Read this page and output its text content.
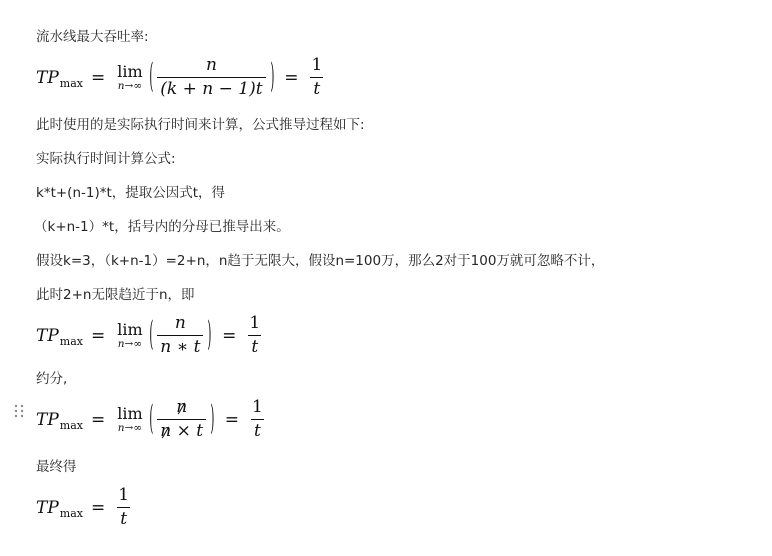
流水线最大吞吐率:
TP max = lim
n→∞ ( $\frac{n}{(k + n - 1)t}$ ) = $\frac{1}{t}$
此时使用的是实际执行时间来计算，公式推导过程如下:
实际执行时间计算公式:
k*t+(n-1)*t，提取公因式t，得
（k+n-1）*t，括号内的分母已推导出来。
假设k=3，（k+n-1）=2+n，n趋于无限大，假设n=100万，那么2对于100万就可忽略不计，
此时2+n无限趋近于n，即
TP max = lim
n→∞ ( $\frac{n}{n ∗ t}$ ) = $\frac{1}{t}$
约分,
TP max = lim
n→∞ ( $\frac{n}{n \times t}$ ) = $\frac{1}{t}$
最终得
TP $\max = \frac{1}{t}$
